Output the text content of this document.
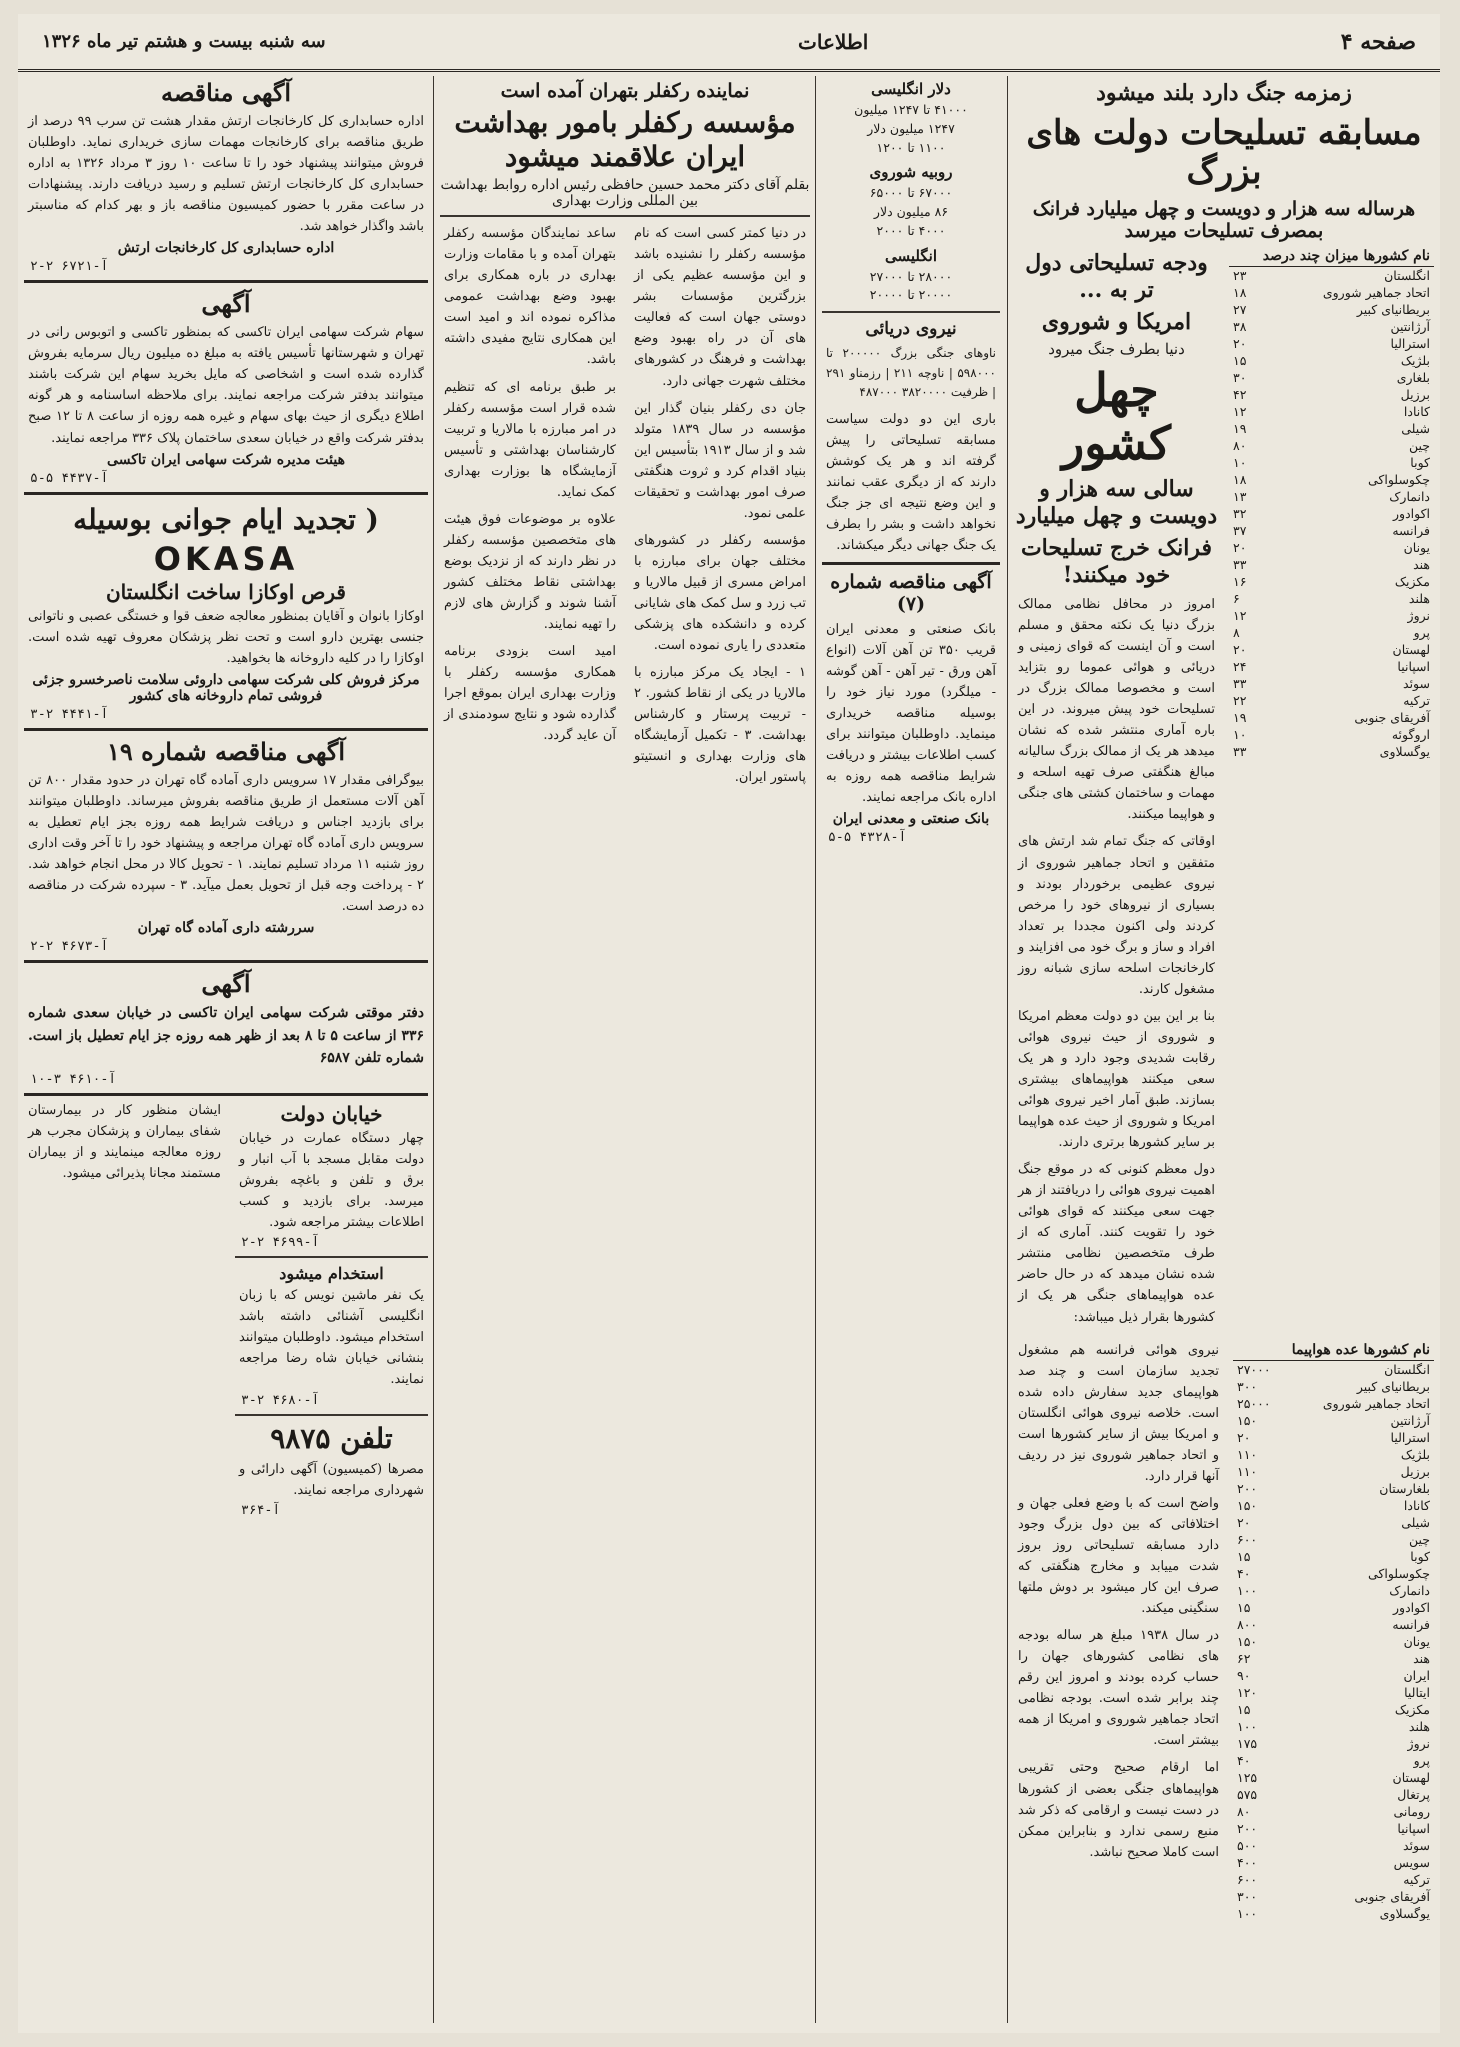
صفحه ۴
اطلاعات
سه شنبه بیست و هشتم تیر ماه ۱۳۲۶
زمزمه جنگ دارد بلند میشود
مسابقه تسلیحات دولت های بزرگ
هرساله سه هزار و دویست و چهل میلیارد فرانک بمصرف تسلیحات میرسد
نام کشورها میزان چند درصد	
انگلستان	۲۳
اتحاد جماهیر شوروی	۱۸
بریطانیای کبیر	۲۷
آرژانتین	۳۸
استرالیا	۲۰
بلژیک	۱۵
بلغاری	۳۰
برزیل	۴۲
کانادا	۱۲
شیلی	۱۹
چین	۸۰
کوبا	۱۰
چکوسلواکی	۱۸
دانمارک	۱۳
اکوادور	۳۲
فرانسه	۳۷
یونان	۲۰
هند	۳۳
مکزیک	۱۶
هلند	۶
نروژ	۱۲
پرو	۸
لهستان	۲۰
اسپانیا	۲۴
سوئد	۳۳
ترکیه	۲۲
آفریقای جنوبی	۱۹
اروگوئه	۱۰
یوگسلاوی	۳۳
ودجه تسلیحاتی دول تر به ...
امریکا و شوروی
دنیا بطرف جنگ میرود
چهل کشور
سالی سه هزار و دویست و چهل میلیارد
فرانک خرج تسلیحات خود میکنند!

امروز در محافل نظامی ممالک بزرگ دنیا یک نکته محقق و مسلم است و آن اینست که قوای زمینی و دریائی و هوائی عموما رو بتزاید است و مخصوصا ممالک بزرگ در تسلیحات خود پیش میروند. در این باره آماری منتشر شده که نشان میدهد هر یک از ممالک بزرگ سالیانه مبالغ هنگفتی صرف تهیه اسلحه و مهمات و ساختمان کشتی های جنگی و هواپیما میکنند.

اوقاتی که جنگ تمام شد ارتش های متفقین و اتحاد جماهیر شوروی از نیروی عظیمی برخوردار بودند و بسیاری از نیروهای خود را مرخص کردند ولی اکنون مجددا بر تعداد افراد و ساز و برگ خود می افزایند و کارخانجات اسلحه سازی شبانه روز مشغول کارند.

بنا بر این بین دو دولت معظم امریکا و شوروی از حیث نیروی هوائی رقابت شدیدی وجود دارد و هر یک سعی میکنند هواپیماهای بیشتری بسازند. طبق آمار اخیر نیروی هوائی امریکا و شوروی از حیث عده هواپیما بر سایر کشورها برتری دارند.

دول معظم کنونی که در موقع جنگ اهمیت نیروی هوائی را دریافتند از هر جهت سعی میکنند که قوای هوائی خود را تقویت کنند. آماری که از طرف متخصصین نظامی منتشر شده نشان میدهد که در حال حاضر عده هواپیماهای جنگی هر یک از کشورها بقرار ذیل میباشد:

نام کشورها عده هواپیما	
انگلستان	۲۷۰۰۰
بریطانیای کبیر	۳۰۰
اتحاد جماهیر شوروی	۲۵۰۰۰
آرژانتین	۱۵۰
استرالیا	۲۰
بلژیک	۱۱۰
برزیل	۱۱۰
بلغارستان	۲۰۰
کانادا	۱۵۰
شیلی	۲۰
چین	۶۰۰
کوبا	۱۵
چکوسلواکی	۴۰
دانمارک	۱۰۰
اکوادور	۱۵
فرانسه	۸۰۰
یونان	۱۵۰
هند	۶۲
ایران	۹۰
ایتالیا	۱۲۰
مکزیک	۱۵
هلند	۱۰۰
نروژ	۱۷۵
پرو	۴۰
لهستان	۱۲۵
پرتغال	۵۷۵
رومانی	۸۰
اسپانیا	۲۰۰
سوئد	۵۰۰
سویس	۴۰۰
ترکیه	۶۰۰
آفریقای جنوبی	۳۰۰
یوگسلاوی	۱۰۰

نیروی هوائی فرانسه هم مشغول تجدید سازمان است و چند صد هواپیمای جدید سفارش داده شده است. خلاصه نیروی هوائی انگلستان و امریکا بیش از سایر کشورها است و اتحاد جماهیر شوروی نیز در ردیف آنها قرار دارد.

واضح است که با وضع فعلی جهان و اختلافاتی که بین دول بزرگ وجود دارد مسابقه تسلیحاتی روز بروز شدت مییابد و مخارج هنگفتی که صرف این کار میشود بر دوش ملتها سنگینی میکند.

در سال ۱۹۳۸ مبلغ هر ساله بودجه های نظامی کشورهای جهان را حساب کرده بودند و امروز این رقم چند برابر شده است. بودجه نظامی اتحاد جماهیر شوروی و امریکا از همه بیشتر است.

اما ارقام صحیح وحتی تقریبی هواپیماهای جنگی بعضی از کشورها در دست نیست و ارقامی که ذکر شد منبع رسمی ندارد و بنابراین ممکن است کاملا صحیح نباشد.

دلار انگلیسی
۴۱۰۰۰ تا ۱۲۴۷ میلیون
۱۲۴۷ میلیون دلار
۱۱۰۰ تا ۱۲۰۰
روبیه شوروی
۶۷۰۰۰ تا ۶۵۰۰۰
۸۶ میلیون دلار
۴۰۰۰ تا ۲۰۰۰
انگلیسی
۲۸۰۰۰ تا ۲۷۰۰۰
۲۰۰۰۰ تا ۲۰۰۰۰
نیروی دریائی
ناوهای جنگی بزرگ ۲۰۰۰۰۰ تا ۵۹۸۰۰۰ | ناوچه ۲۱۱ | رزمناو ۲۹۱ | ظرفیت ۳۸۲۰۰۰۰ ۴۸۷۰۰۰

باری این دو دولت سیاست مسابقه تسلیحاتی را پیش گرفته اند و هر یک کوشش دارند که از دیگری عقب نمانند و این وضع نتیجه ای جز جنگ نخواهد داشت و بشر را بطرف یک جنگ جهانی دیگر میکشاند.

آگهی مناقصه شماره (۷)
بانک صنعتی و معدنی ایران قریب ۳۵۰ تن آهن آلات (انواع آهن ورق - تیر آهن - آهن گوشه - میلگرد) مورد نیاز خود را بوسیله مناقصه خریداری مینماید. داوطلبان میتوانند برای کسب اطلاعات بیشتر و دریافت شرایط مناقصه همه روزه به اداره بانک مراجعه نمایند.
بانک صنعتی و معدنی ایران
۵-۵ ۴۳۲۸-آ
نماینده رکفلر بتهران آمده است
مؤسسه رکفلر بامور بهداشت ایران علاقمند میشود
بقلم آقای دکتر محمد حسین حافظی رئیس اداره روابط بهداشت بین المللی وزارت بهداری

در دنیا کمتر کسی است که نام مؤسسه رکفلر را نشنیده باشد و این مؤسسه عظیم یکی از بزرگترین مؤسسات بشر دوستی جهان است که فعالیت های آن در راه بهبود وضع بهداشت و فرهنگ در کشورهای مختلف شهرت جهانی دارد.

جان دی رکفلر بنیان گذار این مؤسسه در سال ۱۸۳۹ متولد شد و از سال ۱۹۱۳ بتأسیس این بنیاد اقدام کرد و ثروت هنگفتی صرف امور بهداشت و تحقیقات علمی نمود.

مؤسسه رکفلر در کشورهای مختلف جهان برای مبارزه با امراض مسری از قبیل مالاریا و تب زرد و سل کمک های شایانی کرده و دانشکده های پزشکی متعددی را یاری نموده است.

۱ - ایجاد یک مرکز مبارزه با مالاریا در یکی از نقاط کشور. ۲ - تربیت پرستار و کارشناس بهداشت. ۳ - تکمیل آزمایشگاه های وزارت بهداری و انستیتو پاستور ایران.

ساعد نمایندگان مؤسسه رکفلر بتهران آمده و با مقامات وزارت بهداری در باره همکاری برای بهبود وضع بهداشت عمومی مذاکره نموده اند و امید است این همکاری نتایج مفیدی داشته باشد.

بر طبق برنامه ای که تنظیم شده قرار است مؤسسه رکفلر در امر مبارزه با مالاریا و تربیت کارشناسان بهداشتی و تأسیس آزمایشگاه ها بوزارت بهداری کمک نماید.

علاوه بر موضوعات فوق هیئت های متخصصین مؤسسه رکفلر در نظر دارند که از نزدیک بوضع بهداشتی نقاط مختلف کشور آشنا شوند و گزارش های لازم را تهیه نمایند.

امید است بزودی برنامه همکاری مؤسسه رکفلر با وزارت بهداری ایران بموقع اجرا گذارده شود و نتایج سودمندی از آن عاید گردد.

آگهی مناقصه
اداره حسابداری کل کارخانجات ارتش مقدار هشت تن سرب ۹۹ درصد از طریق مناقصه برای کارخانجات مهمات سازی خریداری نماید. داوطلبان فروش میتوانند پیشنهاد خود را تا ساعت ۱۰ روز ۳ مرداد ۱۳۲۶ به اداره حسابداری کل کارخانجات ارتش تسلیم و رسید دریافت دارند. پیشنهادات در ساعت مقرر با حضور کمیسیون مناقصه باز و بهر کدام که مناسبتر باشد واگذار خواهد شد.
اداره حسابداری کل کارخانجات ارتش
۲-۲ ۶۷۲۱-آ
آگهی
سهام شرکت سهامی ایران تاکسی که بمنظور تاکسی و اتوبوس رانی در تهران و شهرستانها تأسیس یافته به مبلغ ده میلیون ریال سرمایه بفروش گذارده شده است و اشخاصی که مایل بخرید سهام این شرکت باشند میتوانند بدفتر شرکت مراجعه نمایند. برای ملاحظه اساسنامه و هر گونه اطلاع دیگری از حیث بهای سهام و غیره همه روزه از ساعت ۸ تا ۱۲ صبح بدفتر شرکت واقع در خیابان سعدی ساختمان پلاک ۳۳۶ مراجعه نمایند.
هیئت مدیره شرکت سهامی ایران تاکسی
۵-۵ ۴۴۳۷-آ
( تجدید ایام جوانی بوسیله
OKASA
قرص اوکازا ساخت انگلستان
اوکازا بانوان و آقایان بمنظور معالجه ضعف قوا و خستگی عصبی و ناتوانی جنسی بهترین دارو است و تحت نظر پزشکان معروف تهیه شده است. اوکازا را در کلیه داروخانه ها بخواهید.
مرکز فروش کلی شرکت سهامی داروئی سلامت ناصرخسرو جزئی فروشی تمام داروخانه های کشور
۳-۲ ۴۴۴۱-آ
آگهی مناقصه شماره ۱۹
بیوگرافی مقدار ۱۷ سرویس داری آماده گاه تهران در حدود مقدار ۸۰۰ تن آهن آلات مستعمل از طریق مناقصه بفروش میرساند. داوطلبان میتوانند برای بازدید اجناس و دریافت شرایط همه روزه بجز ایام تعطیل به سرویس داری آماده گاه تهران مراجعه و پیشنهاد خود را تا آخر وقت اداری روز شنبه ۱۱ مرداد تسلیم نمایند. ۱ - تحویل کالا در محل انجام خواهد شد. ۲ - پرداخت وجه قبل از تحویل بعمل میآید. ۳ - سپرده شرکت در مناقصه ده درصد است.
سررشته داری آماده گاه تهران
۲-۲ ۴۶۷۳-آ
آگهی
دفتر موقتی شرکت سهامی ایران تاکسی در خیابان سعدی شماره ۳۳۶ از ساعت ۵ تا ۸ بعد از ظهر همه روزه جز ایام تعطیل باز است. شماره تلفن ۶۵۸۷
۱۰-۳ ۴۶۱۰-آ
خیابان دولت
چهار دستگاه عمارت در خیابان دولت مقابل مسجد با آب انبار و برق و تلفن و باغچه بفروش میرسد. برای بازدید و کسب اطلاعات بیشتر مراجعه شود.
۲-۲ ۴۶۹۹-آ
استخدام میشود
یک نفر ماشین نویس که با زبان انگلیسی آشنائی داشته باشد استخدام میشود. داوطلبان میتوانند بنشانی خیابان شاه رضا مراجعه نمایند.
۳-۲ ۴۶۸۰-آ
تلفن ۹۸۷۵
مصرها (کمیسیون) آگهی دارائی و شهرداری مراجعه نمایند.
۳۶۴-آ
ایشان منظور کار در بیمارستان شفای بیماران و پزشکان مجرب هر روزه معالجه مینمایند و از بیماران مستمند مجانا پذیرائی میشود.
